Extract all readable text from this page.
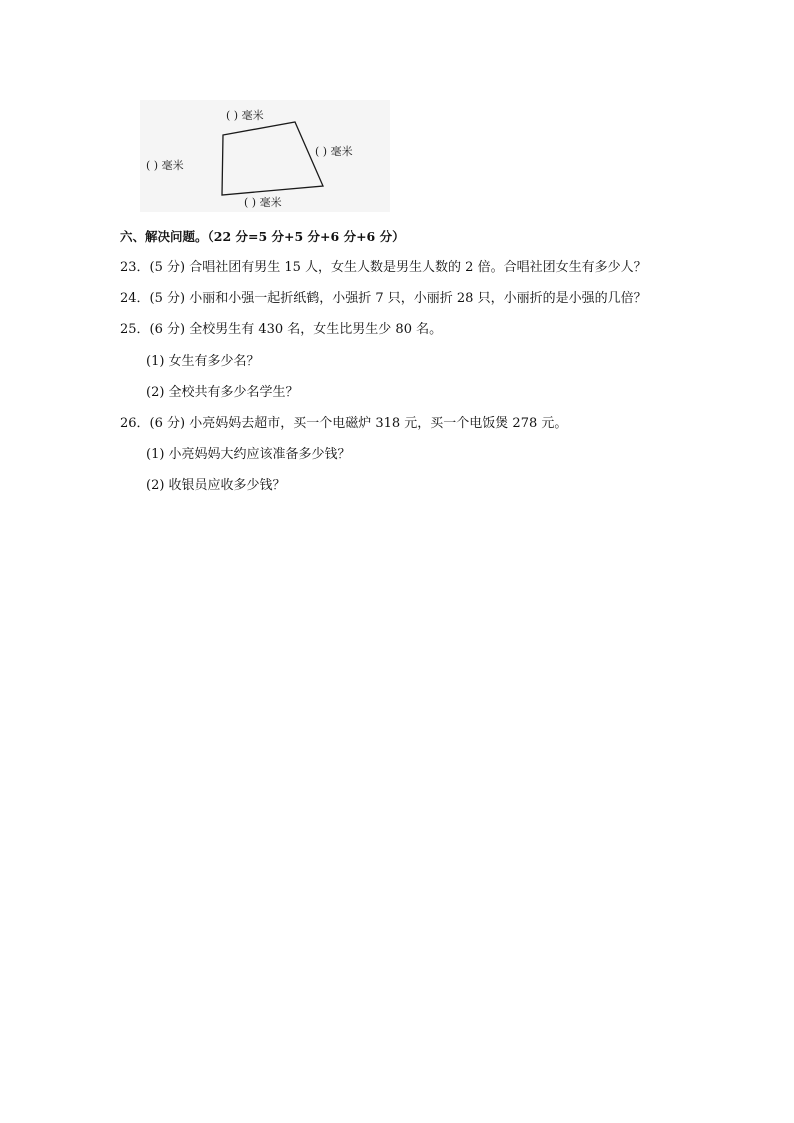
( ) 毫米
( ) 毫米
( ) 毫米
( ) 毫米
六、解决问题。（22 分=5 分+5 分+6 分+6 分）
23．(5 分) 合唱社团有男生 15 人，女生人数是男生人数的 2 倍。合唱社团女生有多少人？
24．(5 分) 小丽和小强一起折纸鹤，小强折 7 只，小丽折 28 只，小丽折的是小强的几倍？
25．(6 分) 全校男生有 430 名，女生比男生少 80 名。
(1) 女生有多少名？
(2) 全校共有多少名学生？
26．(6 分) 小亮妈妈去超市，买一个电磁炉 318 元，买一个电饭煲 278 元。
(1) 小亮妈妈大约应该准备多少钱？
(2) 收银员应收多少钱？
